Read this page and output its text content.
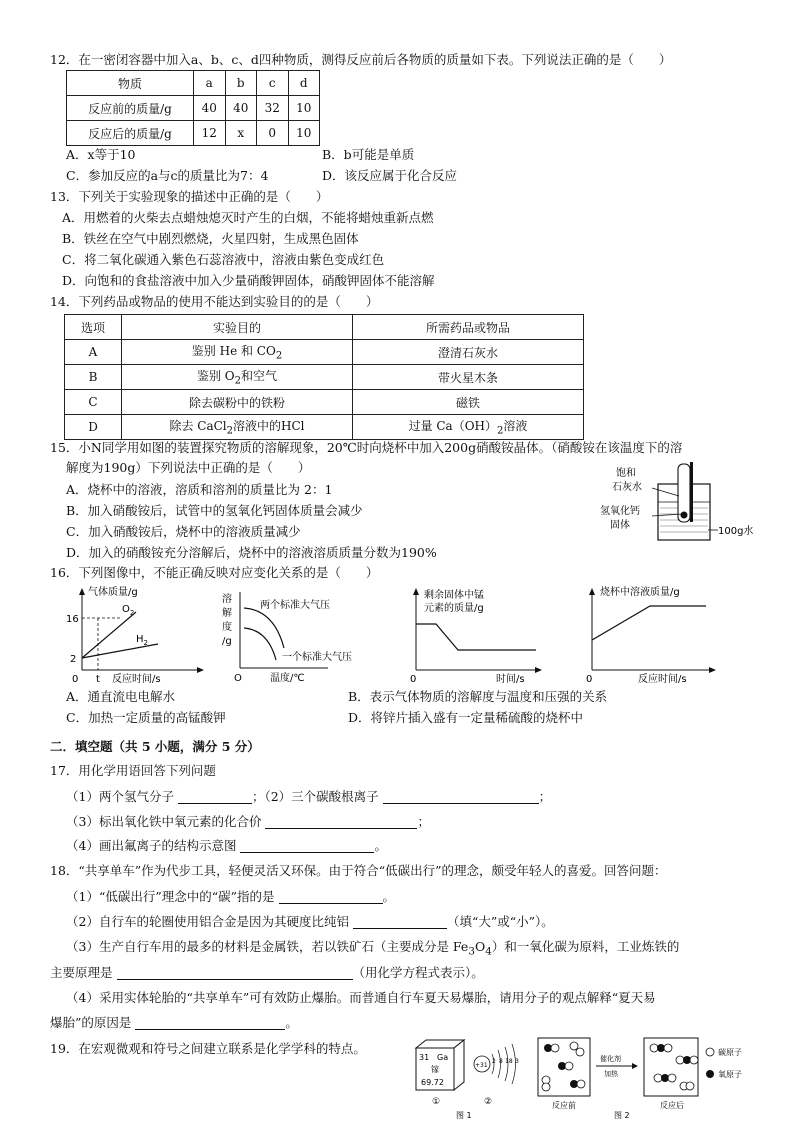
12．在一密闭容器中加入a、b、c、d四种物质，测得反应前后各物质的质量如下表。下列说法正确的是（　　）
物质	a	b	c	d
反应前的质量/g	40	40	32	10
反应后的质量/g	12	x	0	10
A．x等于10	B．b可能是单质
C．参加反应的a与c的质量比为7：4	D．该反应属于化合反应
13．下列关于实验现象的描述中正确的是（　　）
A．用燃着的火柴去点蜡烛熄灭时产生的白烟，不能将蜡烛重新点燃
B．铁丝在空气中剧烈燃烧，火星四射，生成黑色固体
C．将二氧化碳通入紫色石蕊溶液中，溶液由紫色变成红色
D．向饱和的食盐溶液中加入少量硝酸钾固体，硝酸钾固体不能溶解
14．下列药品或物品的使用不能达到实验目的的是（　　）
选项	实验目的	所需药品或物品
A	鉴别 He 和 $CO_2$	澄清石灰水
B	鉴别 $O_2$和空气	带火星木条
C	除去碳粉中的铁粉	磁铁
D	除去 CaCl$_2$溶液中的HCl	过量 $Ca(OH)_2$溶液
15．小N同学用如图的装置探究物质的溶解现象，20℃时向烧杯中加入200g硝酸铵晶体。（硝酸铵在该温度下的溶
解度为190g）下列说法中正确的是（　　）
A．烧杯中的溶液，溶质和溶剂的质量比为 2：1
B．加入硝酸铵后，试管中的氢氧化钙固体质量会减少
C．加入硝酸铵后，烧杯中的溶液质量减少
D．加入的硝酸铵充分溶解后，烧杯中的溶液溶质质量分数为190%
饱和
石灰水
氢氧化钙
固体
100g水
16．下列图像中，不能正确反映对应变化关系的是（　　）
气体质量/g
16
2
0 t 反应时间/s
$O_2$
$H_2$
溶
解
度
/g
两个标准大气压
一个标准大气压
O	温度/℃
剩余固体中锰
元素的质量/g
0	时间/s
烧杯中溶液质量/g
0	反应时间/s
A．通直流电电解水	B．表示气体物质的溶解度与温度和压强的关系
C．加热一定质量的高锰酸钾	D．将锌片插入盛有一定量稀硫酸的烧杯中
二．填空题（共 5 小题，满分 5 分）
17．用化学用语回答下列问题
（1）两个氢气分子	；（2）三个碳酸根离子	；
（3）标出氧化铁中氧元素的化合价	；
（4）画出氟离子的结构示意图	。
18．“共享单车”作为代步工具，轻便灵活又环保。由于符合“低碳出行”的理念，颇受年轻人的喜爱。回答问题：
（1）“低碳出行”理念中的“碳”指的是	。
（2）自行车的轮圈使用铝合金是因为其硬度比纯铝	（填“大”或“小”）。
（3）生产自行车用的最多的材料是金属铁，若以铁矿石（主要成分是 $Fe_3O_4$）和一氧化碳为原料，工业炼铁的
主要原理是	（用化学方程式表示）。
（4）采用实体轮胎的“共享单车”可有效防止爆胎。而普通自行车夏天易爆胎，请用分子的观点解释“夏天易
爆胎”的原因是	。
19．在宏观微观和符号之间建立联系是化学学科的特点。
31 Ga
镓
69.72
+31
2 8 18 3
①	②
图 1
催化剂
加热
碳原子
氧原子
反应前	反应后
图 2
